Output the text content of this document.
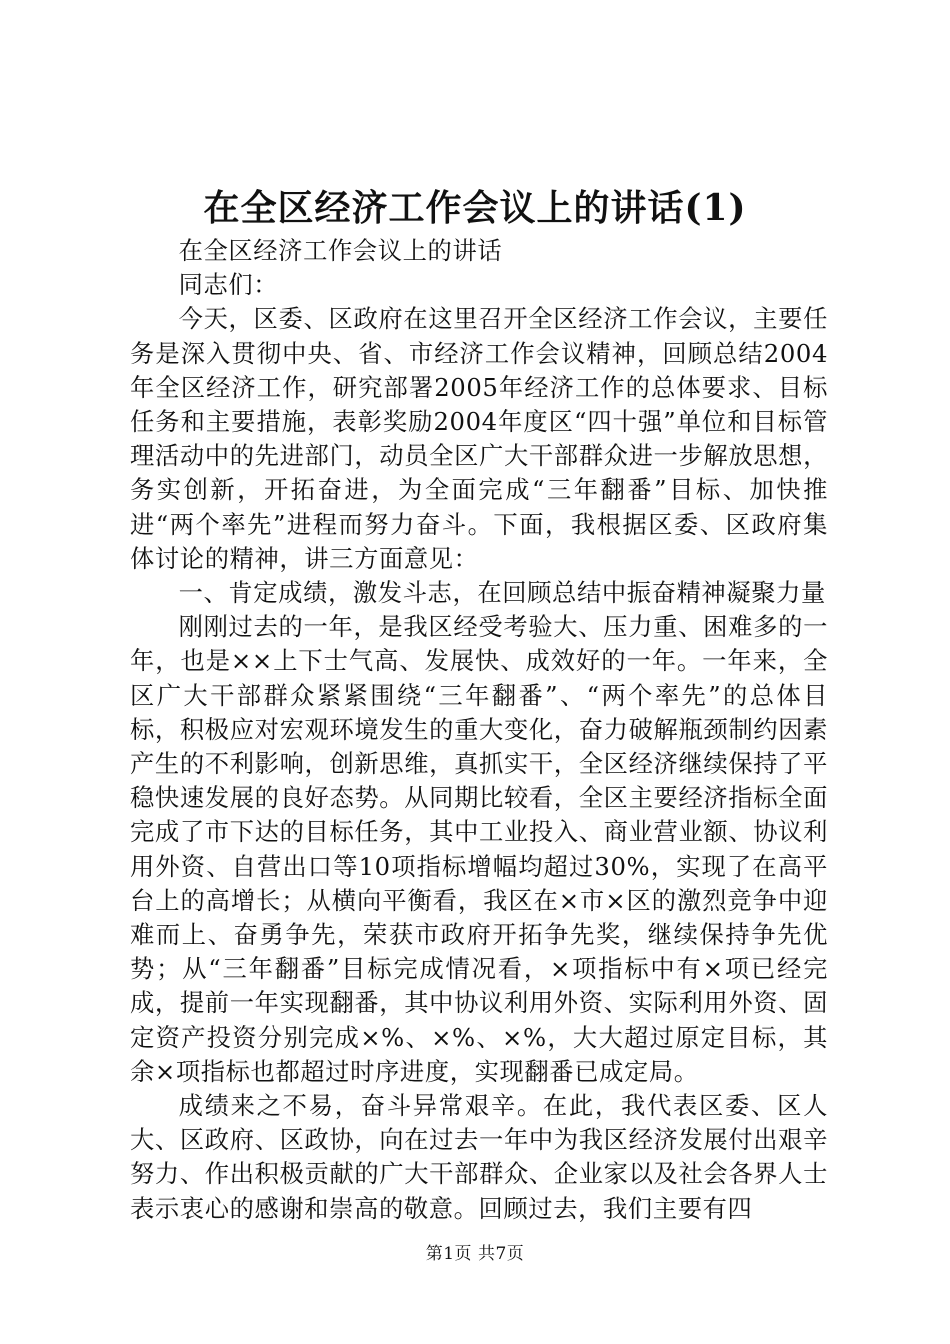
在全区经济工作会议上的讲话(1)

在全区经济工作会议上的讲话

同志们：

今天，区委、区政府在这里召开全区经济工作会议，主要任务是深入贯彻中央、省、市经济工作会议精神，回顾总结2004年全区经济工作，研究部署2005年经济工作的总体要求、目标任务和主要措施，表彰奖励2004年度区“四十强”单位和目标管理活动中的先进部门，动员全区广大干部群众进一步解放思想，务实创新，开拓奋进，为全面完成“三年翻番”目标、加快推进“两个率先”进程而努力奋斗。下面，我根据区委、区政府集体讨论的精神，讲三方面意见：

一、肯定成绩，激发斗志，在回顾总结中振奋精神凝聚力量

刚刚过去的一年，是我区经受考验大、压力重、困难多的一年，也是××上下士气高、发展快、成效好的一年。一年来，全区广大干部群众紧紧围绕“三年翻番”、“两个率先”的总体目标，积极应对宏观环境发生的重大变化，奋力破解瓶颈制约因素产生的不利影响，创新思维，真抓实干，全区经济继续保持了平稳快速发展的良好态势。从同期比较看，全区主要经济指标全面完成了市下达的目标任务，其中工业投入、商业营业额、协议利用外资、自营出口等10项指标增幅均超过30%，实现了在高平台上的高增长；从横向平衡看，我区在×市×区的激烈竞争中迎难而上、奋勇争先，荣获市政府开拓争先奖，继续保持争先优势；从“三年翻番”目标完成情况看，×项指标中有×项已经完成，提前一年实现翻番，其中协议利用外资、实际利用外资、固定资产投资分别完成×%、×%、×%，大大超过原定目标，其余×项指标也都超过时序进度，实现翻番已成定局。

成绩来之不易，奋斗异常艰辛。在此，我代表区委、区人大、区政府、区政协，向在过去一年中为我区经济发展付出艰辛努力、作出积极贡献的广大干部群众、企业家以及社会各界人士表示衷心的感谢和崇高的敬意。回顾过去，我们主要有四

第1页 共7页
